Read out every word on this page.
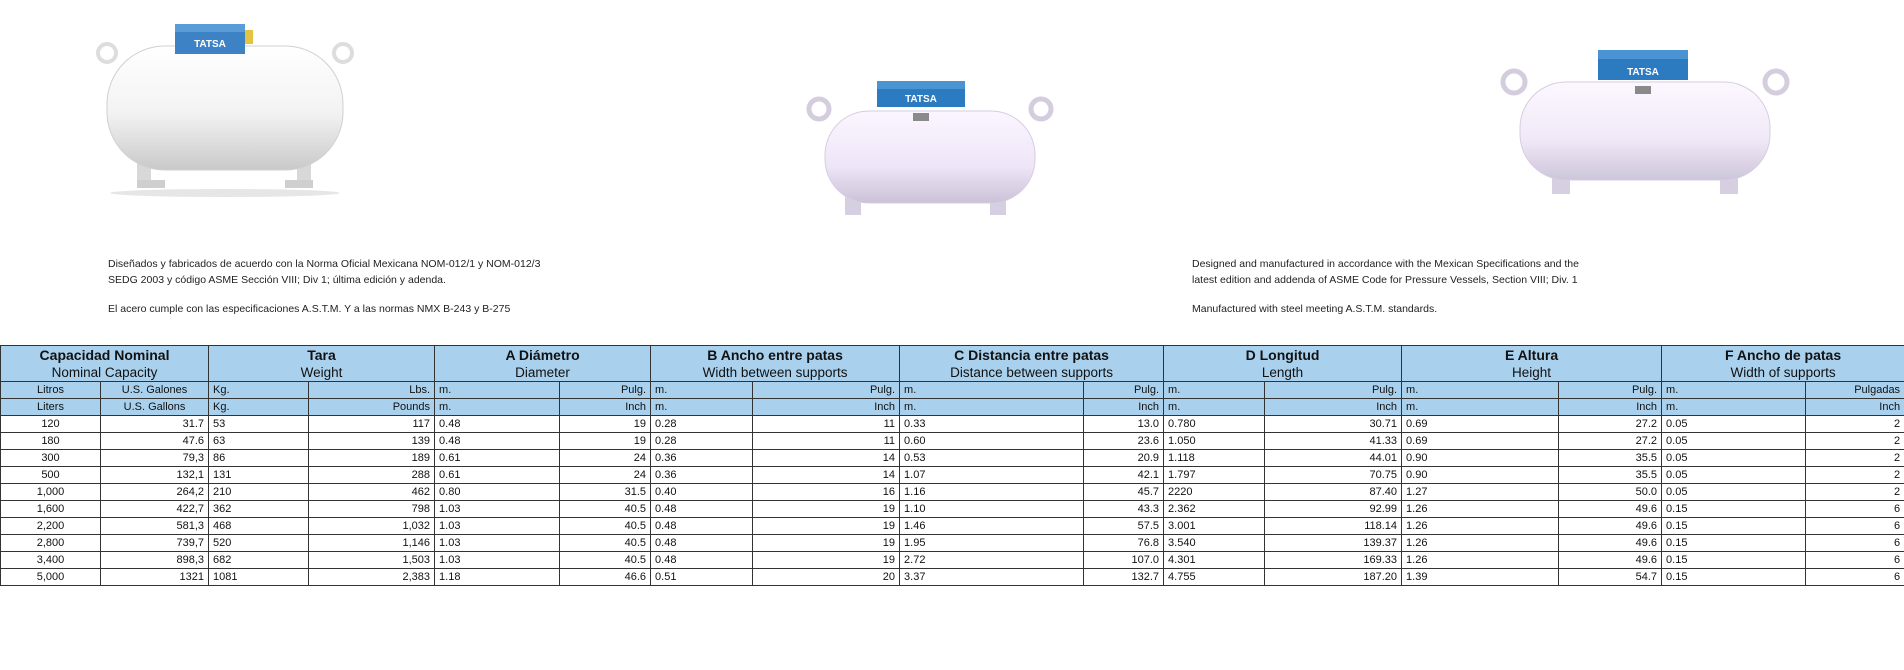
TATSA
TATSA
TATSA

Diseñados y fabricados de acuerdo con la Norma Oficial Mexicana NOM-012/1 y NOM-012/3

SEDG 2003 y código ASME Sección VIII; Div 1; última edición y adenda.

El acero cumple con las especificaciones A.S.T.M. Y a las normas NMX B-243 y B-275

Designed and manufactured in accordance with the Mexican Specifications and the

latest edition and addenda of ASME Code for Pressure Vessels, Section VIII; Div. 1

Manufactured with steel meeting A.S.T.M. standards.

Capacidad Nominal		Tara		A Diámetro		B Ancho entre patas		C Distancia entre patas		D Longitud		E Altura		F Ancho de patas	
Nominal Capacity		Weight		Diameter		Width between supports		Distance between supports		Length		Height		Width of supports	
Litros	U.S. Galones	Kg.	Lbs.	m.	Pulg.	m.	Pulg.	m.	Pulg.	m.	Pulg.	m.	Pulg.	m.	Pulgadas
Liters	U.S. Gallons	Kg.	Pounds	m.	Inch	m.	Inch	m.	Inch	m.	Inch	m.	Inch	m.	Inch
120	31.7	53	117	0.48	19	0.28	11	0.33	13.0	0.780	30.71	0.69	27.2	0.05	2
180	47.6	63	139	0.48	19	0.28	11	0.60	23.6	1.050	41.33	0.69	27.2	0.05	2
300	79,3	86	189	0.61	24	0.36	14	0.53	20.9	1.118	44.01	0.90	35.5	0.05	2
500	132,1	131	288	0.61	24	0.36	14	1.07	42.1	1.797	70.75	0.90	35.5	0.05	2
1,000	264,2	210	462	0.80	31.5	0.40	16	1.16	45.7	2220	87.40	1.27	50.0	0.05	2
1,600	422,7	362	798	1.03	40.5	0.48	19	1.10	43.3	2.362	92.99	1.26	49.6	0.15	6
2,200	581,3	468	1,032	1.03	40.5	0.48	19	1.46	57.5	3.001	118.14	1.26	49.6	0.15	6
2,800	739,7	520	1,146	1.03	40.5	0.48	19	1.95	76.8	3.540	139.37	1.26	49.6	0.15	6
3,400	898,3	682	1,503	1.03	40.5	0.48	19	2.72	107.0	4.301	169.33	1.26	49.6	0.15	6
5,000	1321	1081	2,383	1.18	46.6	0.51	20	3.37	132.7	4.755	187.20	1.39	54.7	0.15	6
